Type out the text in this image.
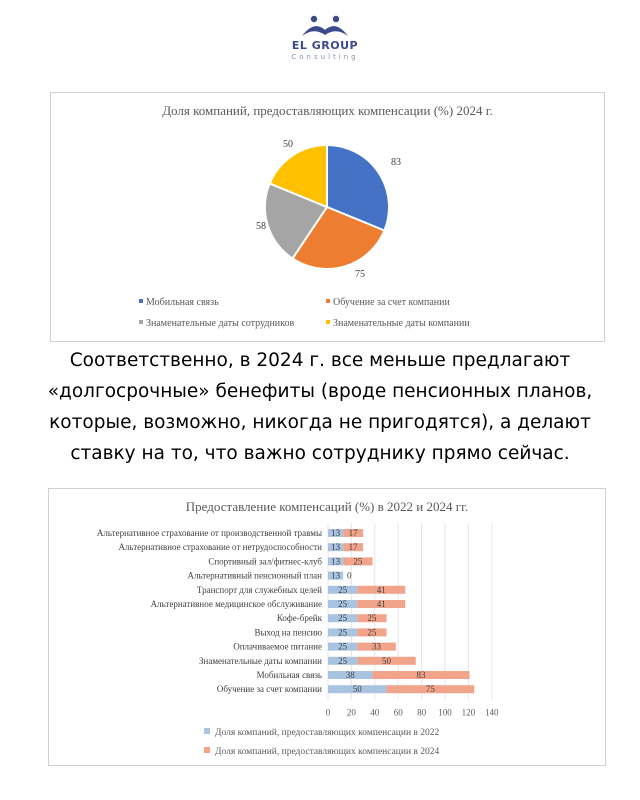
EL GROUP
Consulting
Доля компаний, предоставляющих компенсации (%) 2024 г.
83
75
58
50
Мобильная связь	Обучение за счет компании
Знаменательные даты сотрудников	Знаменательные даты компании
Соответственно, в 2024 г. все меньше предлагают
«долгосрочные» бенефиты (вроде пенсионных планов,
которые, возможно, никогда не пригодятся), а делают
ставку на то, что важно сотруднику прямо сейчас.
Предоставление компенсаций (%) в 2022 и 2024 гг.
0 20 40 60 80 100 120 140
Альтернативное страхование от производственной травмы 13 17
Альтернативное страхование от нетрудоспособности 13 17
Спортивный зал/фитнес-клуб 13 25
Альтернативный пенсионный план 13 0
Транспорт для служебных целей 25	41
Альтернативное медицинское обслуживание 25	41
Кофе-брейк 25 25
Выход на пенсию 25 25
Оплачиваемое питание 25	33
Знаменательные даты компании 25	50
Мобильная связь	38	83
Обучение за счет компании	50	75
Доля компаний, предоставляющих компенсации в 2022
Доля компаний, предоставляющих компенсации в 2024
